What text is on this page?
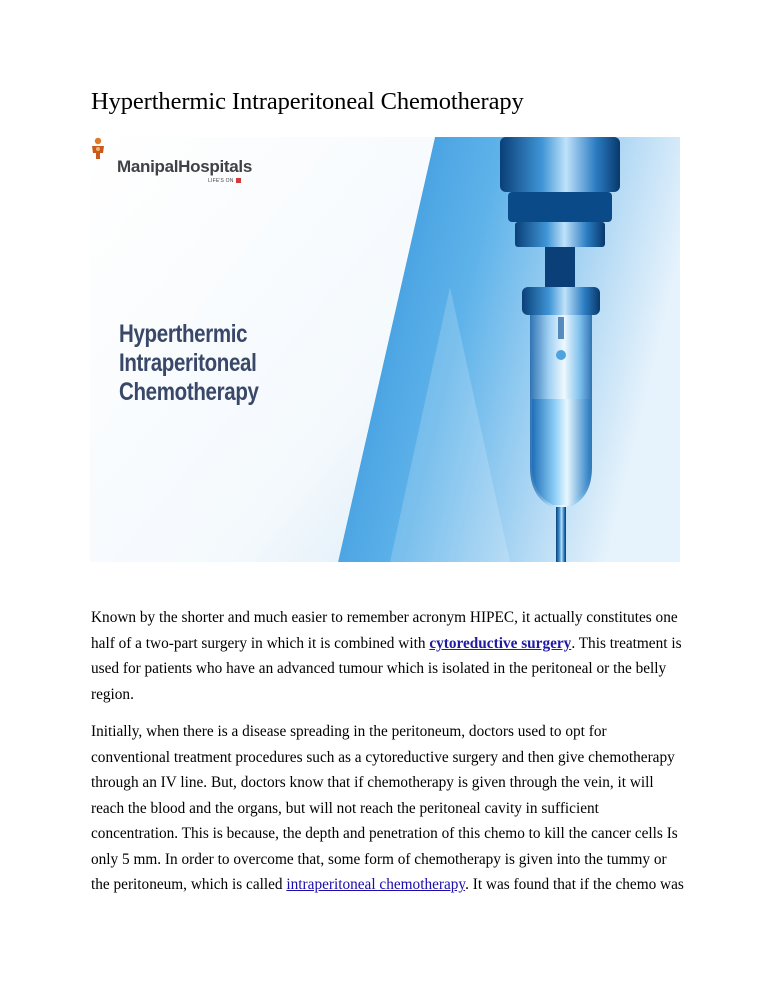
Hyperthermic Intraperitoneal Chemotherapy
ManipalHospitals
LIFE'S ON
Hyperthermic
Intraperitoneal
Chemotherapy

Known by the shorter and much easier to remember acronym HIPEC, it actually constitutes one
half of a two-part surgery in which it is combined with cytoreductive surgery. This treatment is
used for patients who have an advanced tumour which is isolated in the peritoneal or the belly
region.

Initially, when there is a disease spreading in the peritoneum, doctors used to opt for
conventional treatment procedures such as a cytoreductive surgery and then give chemotherapy
through an IV line. But, doctors know that if chemotherapy is given through the vein, it will
reach the blood and the organs, but will not reach the peritoneal cavity in sufficient
concentration. This is because, the depth and penetration of this chemo to kill the cancer cells Is
only 5 mm. In order to overcome that, some form of chemotherapy is given into the tummy or
the peritoneum, which is called intraperitoneal chemotherapy. It was found that if the chemo was
